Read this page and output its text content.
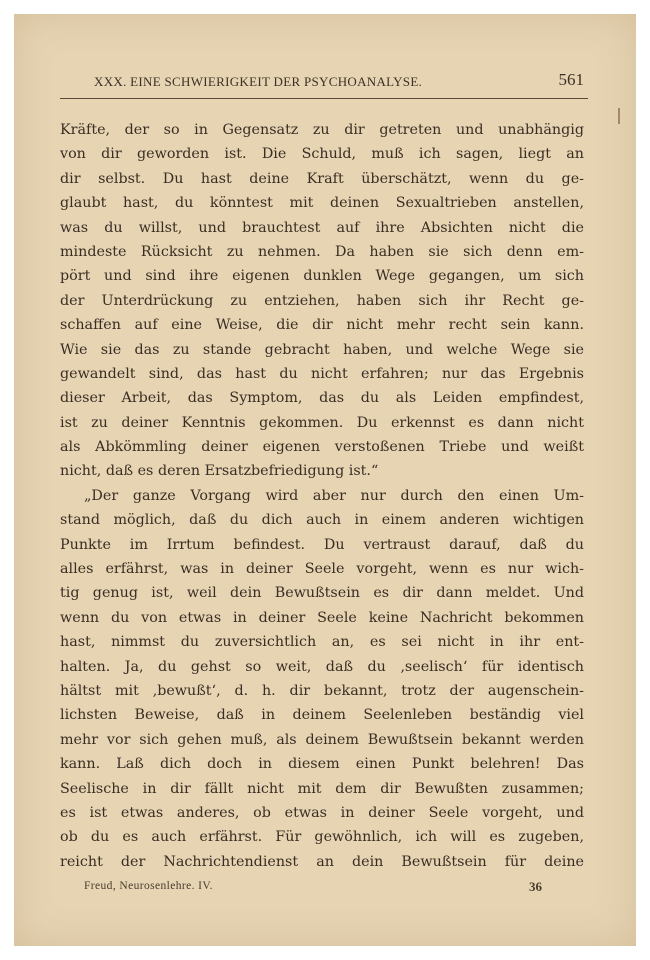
XXX. EINE SCHWIERIGKEIT DER PSYCHOANALYSE.	561
Kräfte, der so in Gegensatz zu dir getreten und unabhängig
von dir geworden ist. Die Schuld, muß ich sagen, liegt an
dir selbst. Du hast deine Kraft überschätzt, wenn du ge-
glaubt hast, du könntest mit deinen Sexualtrieben anstellen,
was du willst, und brauchtest auf ihre Absichten nicht die
mindeste Rücksicht zu nehmen. Da haben sie sich denn em-
pört und sind ihre eigenen dunklen Wege gegangen, um sich
der Unterdrückung zu entziehen, haben sich ihr Recht ge-
schaffen auf eine Weise, die dir nicht mehr recht sein kann.
Wie sie das zu stande gebracht haben, und welche Wege sie
gewandelt sind, das hast du nicht erfahren; nur das Ergebnis
dieser Arbeit, das Symptom, das du als Leiden empfindest,
ist zu deiner Kenntnis gekommen. Du erkennst es dann nicht
als Abkömmling deiner eigenen verstoßenen Triebe und weißt
nicht, daß es deren Ersatzbefriedigung ist.“
„Der ganze Vorgang wird aber nur durch den einen Um-
stand möglich, daß du dich auch in einem anderen wichtigen
Punkte im Irrtum befindest. Du vertraust darauf, daß du
alles erfährst, was in deiner Seele vorgeht, wenn es nur wich-
tig genug ist, weil dein Bewußtsein es dir dann meldet. Und
wenn du von etwas in deiner Seele keine Nachricht bekommen
hast, nimmst du zuversichtlich an, es sei nicht in ihr ent-
halten. Ja, du gehst so weit, daß du ‚seelisch‘ für identisch
hältst mit ‚bewußt‘, d. h. dir bekannt, trotz der augenschein-
lichsten Beweise, daß in deinem Seelenleben beständig viel
mehr vor sich gehen muß, als deinem Bewußtsein bekannt werden
kann. Laß dich doch in diesem einen Punkt belehren! Das
Seelische in dir fällt nicht mit dem dir Bewußten zusammen;
es ist etwas anderes, ob etwas in deiner Seele vorgeht, und
ob du es auch erfährst. Für gewöhnlich, ich will es zugeben,
reicht der Nachrichtendienst an dein Bewußtsein für deine
Freud, Neurosenlehre. IV.	36
